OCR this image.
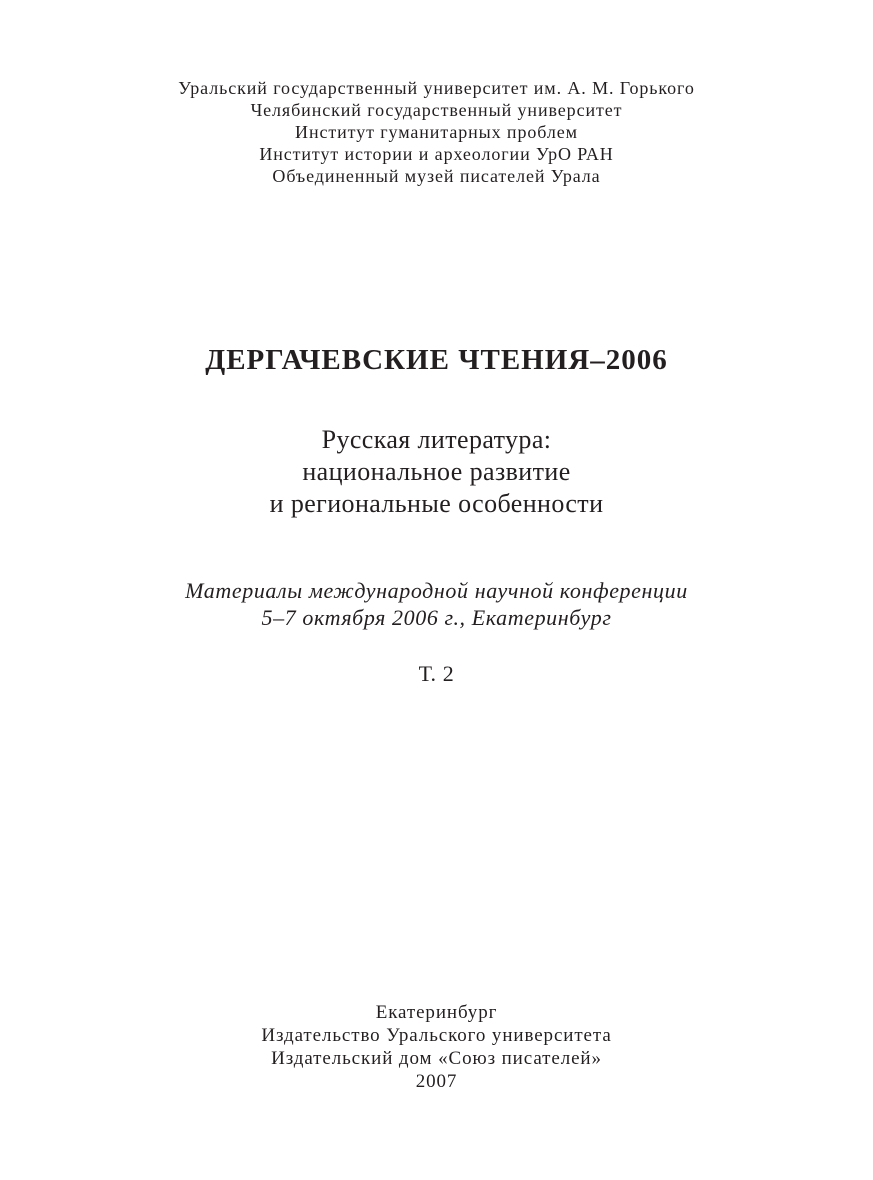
Уральский государственный университет им. А. М. Горького
Челябинский государственный университет
Институт гуманитарных проблем
Институт истории и археологии УрО РАН
Объединенный музей писателей Урала
ДЕРГАЧЕВСКИЕ ЧТЕНИЯ–2006
Русская литература:
национальное развитие
и региональные особенности
Материалы международной научной конференции
5–7 октября 2006 г., Екатеринбург
Т. 2
Екатеринбург
Издательство Уральского университета
Издательский дом «Союз писателей»
2007
